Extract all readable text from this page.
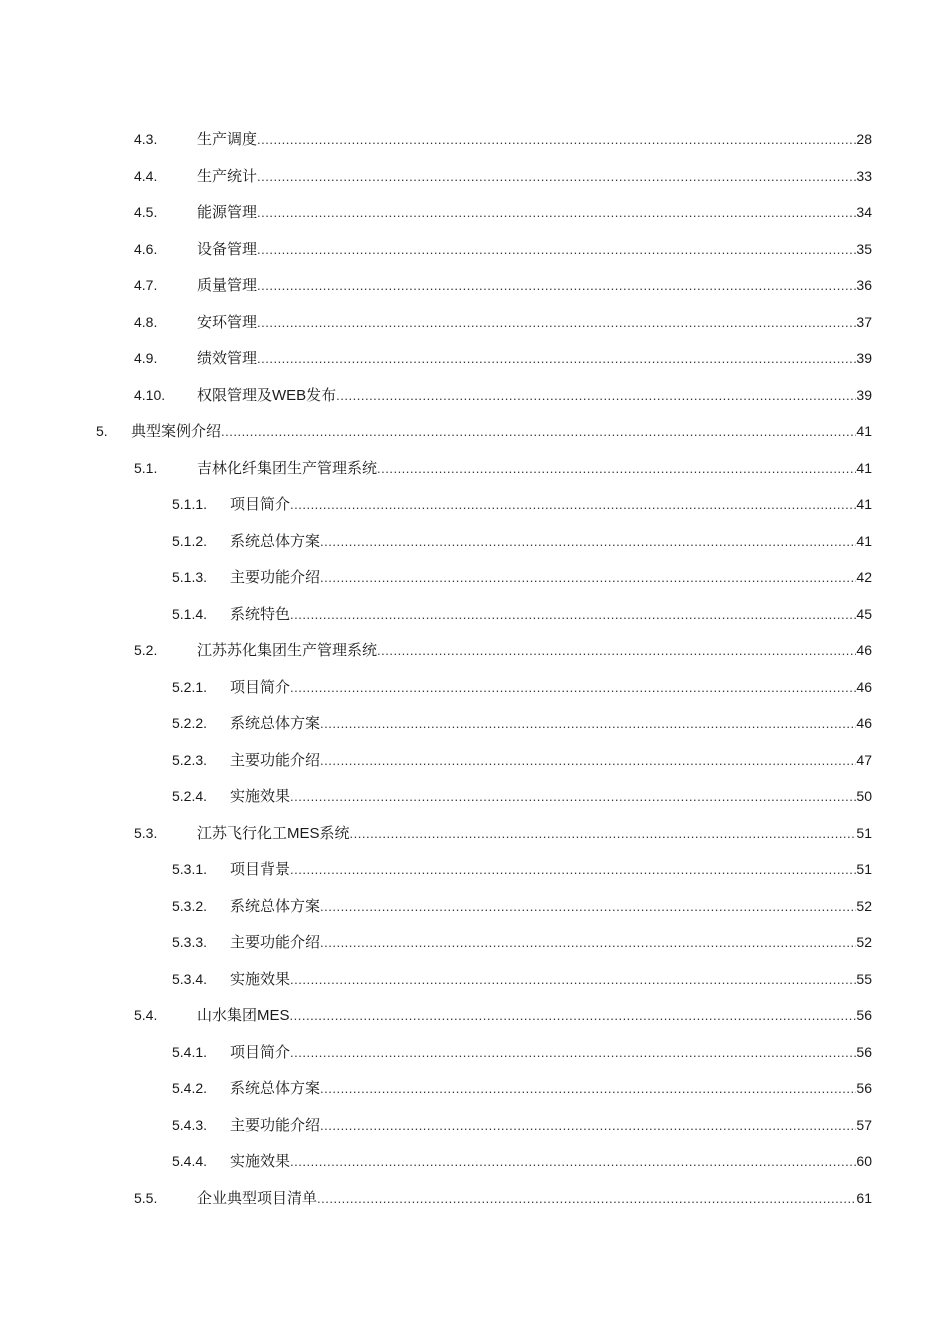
4.3.	生产调度 .....	28
4.4.	生产统计 .....	33
4.5.	能源管理 .....	34
4.6.	设备管理 .....	35
4.7.	质量管理 .....	36
4.8.	安环管理 .....	37
4.9.	绩效管理 .....	39
4.10. 权限管理及WEB发布 .....	39
5. 典型案例介绍 .....	41
5.1.	吉林化纤集团生产管理系统 .....	41
5.1.1. 项目简介 .....	41
5.1.2. 系统总体方案 .....	41
5.1.3. 主要功能介绍 .....	42
5.1.4. 系统特色 .....	45
5.2.	江苏苏化集团生产管理系统 .....	46
5.2.1. 项目简介 .....	46
5.2.2. 系统总体方案 .....	46
5.2.3. 主要功能介绍 .....	47
5.2.4. 实施效果 .....	50
5.3.	江苏飞行化工MES系统 .....	51
5.3.1. 项目背景 .....	51
5.3.2. 系统总体方案 .....	52
5.3.3. 主要功能介绍 .....	52
5.3.4. 实施效果 .....	55
5.4.	山水集团MES .....	56
5.4.1. 项目简介 .....	56
5.4.2. 系统总体方案 .....	56
5.4.3. 主要功能介绍 .....	57
5.4.4. 实施效果 .....	60
5.5.	企业典型项目清单 .....	61
